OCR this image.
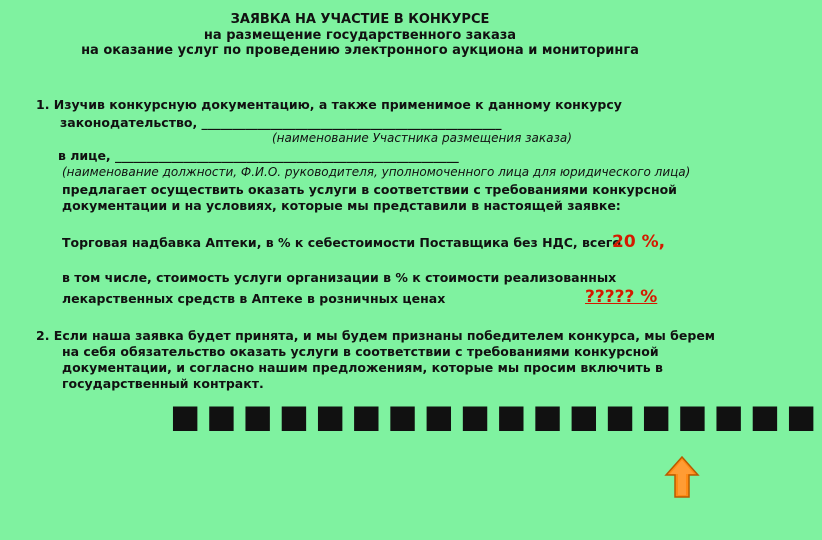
ЗАЯВКА НА УЧАСТИЕ В КОНКУРСЕ
на размещение государственного заказа
на оказание услуг по проведению электронного аукциона и мониторинга
1. Изучив конкурсную документацию, а также применимое к данному конкурсу
законодательство, ________________________________________________
(наименование Участника размещения заказа)
в лице, _______________________________________________________
(наименование должности, Ф.И.О. руководителя, уполномоченного лица для юридического лица)
предлагает осуществить оказать услуги в соответствии с требованиями конкурсной
документации и на условиях, которые мы представили в настоящей заявке:
Торговая надбавка Аптеки, в % к себестоимости Поставщика без НДС, всего
20 %,
в том числе, стоимость услуги организации в % к стоимости реализованных
лекарственных средств в Аптеке в розничных ценах	????? %
2. Если наша заявка будет принята, и мы будем признаны победителем конкурса, мы берем
на себя обязательство оказать услуги в соответствии с требованиями конкурсной
документации, и согласно нашим предложениям, которые мы просим включить в
государственный контракт.
■■■■■■■■■■■■■■■■■■
